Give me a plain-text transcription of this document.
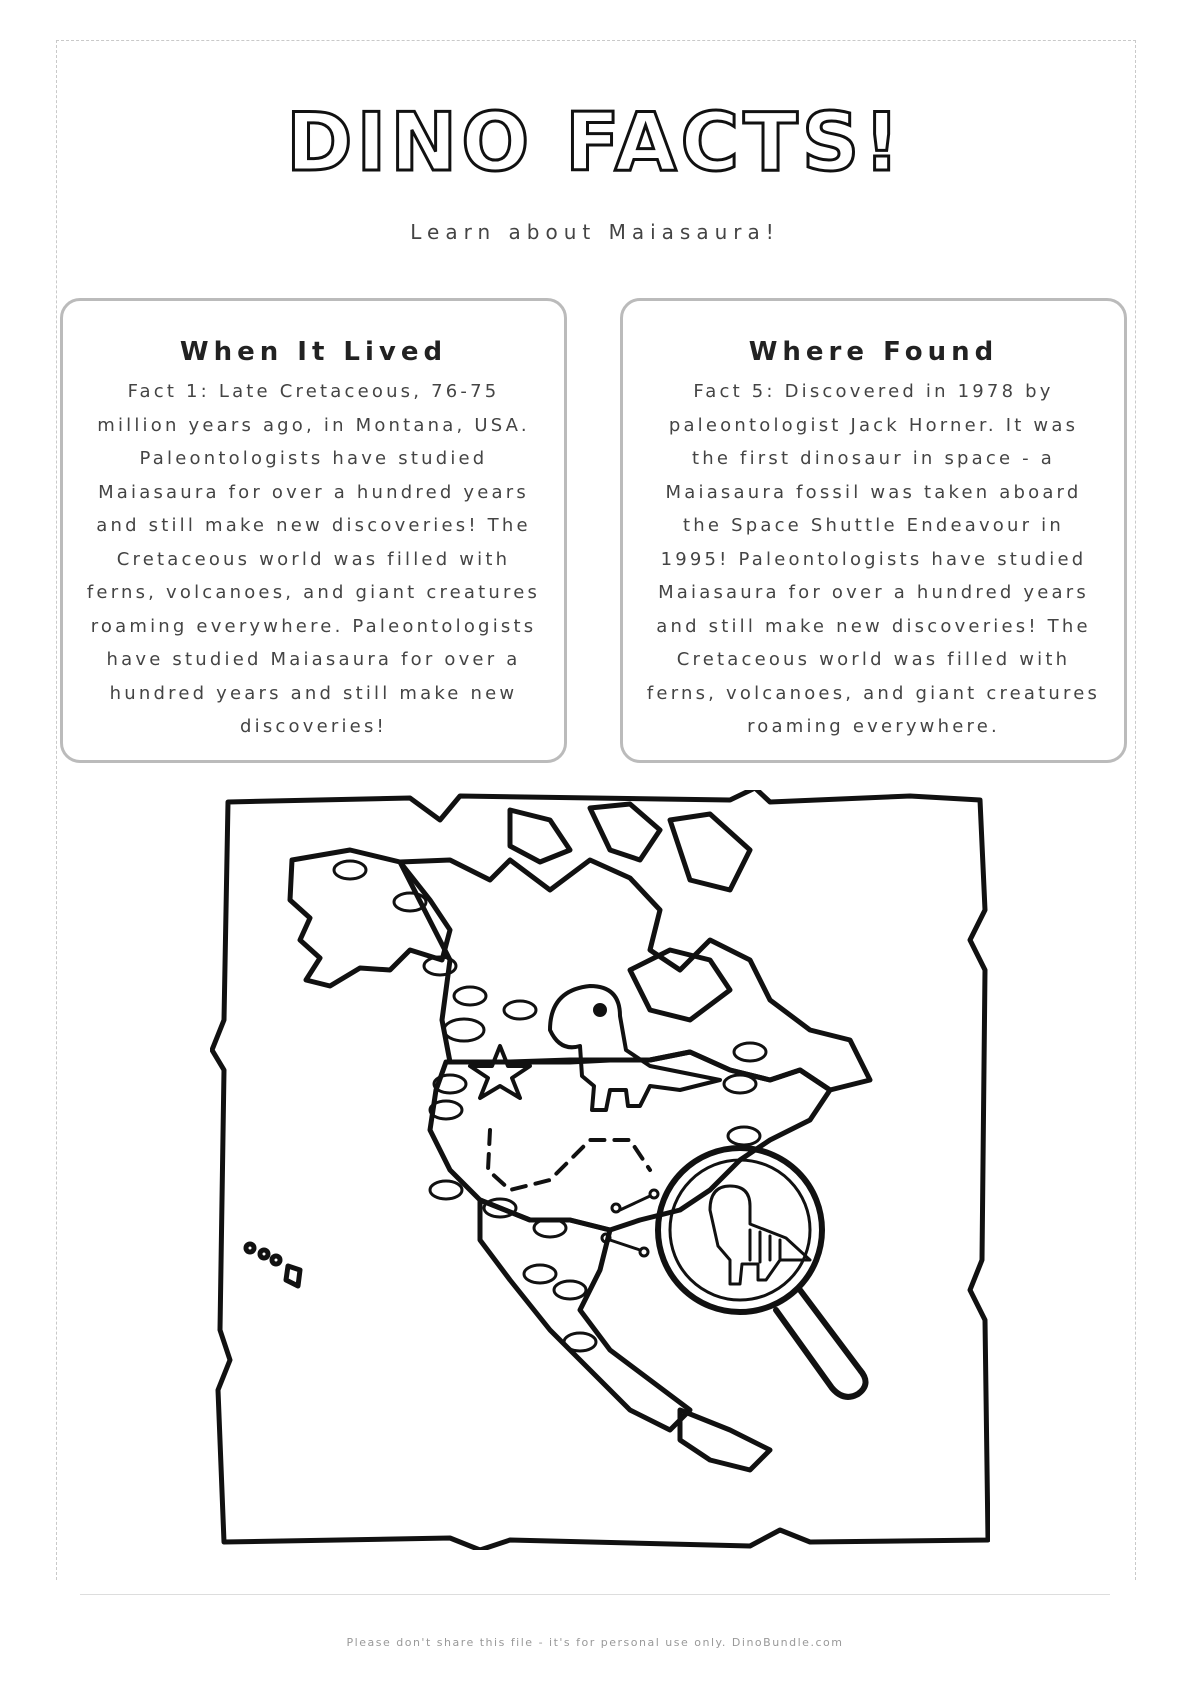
DINO FACTS!
Learn about Maiasaura!
When It Lived

Fact 1: Late Cretaceous, 76-75 million years ago, in Montana, USA. Paleontologists have studied Maiasaura for over a hundred years and still make new discoveries! The Cretaceous world was filled with ferns, volcanoes, and giant creatures roaming everywhere. Paleontologists have studied Maiasaura for over a hundred years and still make new discoveries!

Where Found

Fact 5: Discovered in 1978 by paleontologist Jack Horner. It was the first dinosaur in space - a Maiasaura fossil was taken aboard the Space Shuttle Endeavour in 1995! Paleontologists have studied Maiasaura for over a hundred years and still make new discoveries! The Cretaceous world was filled with ferns, volcanoes, and giant creatures roaming everywhere.

Please don't share this file - it's for personal use only. DinoBundle.com
